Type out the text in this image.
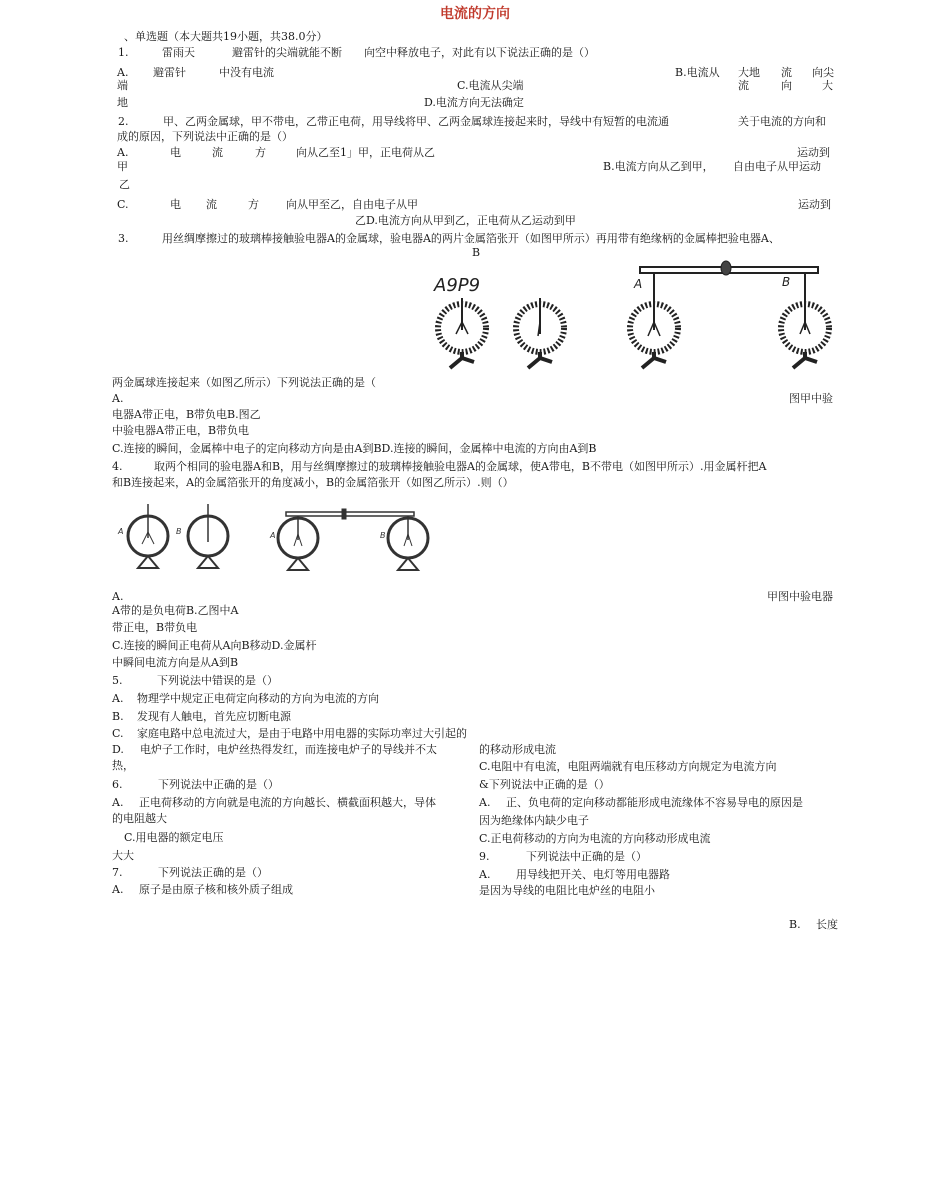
电流的方向
、单选题（本大题共19小题，共38.0分）
1.	雷雨天	避雷针的尖端就能不断 向空中释放电子，对此有以下说法正确的是（）
A. 避雷针	中没有电流	B.电流从 大地 流 向尖
端	C.电流从尖端	流	向	大
地	D.电流方向无法确定
2.	甲、乙两金属球，甲不带电，乙带正电荷，用导线将甲、乙两金属球连接起来时，导线中有短暂的电流通	关于电流的方向和
成的原因，下列说法中正确的是（）
A.	电	流	方	向从乙至1」甲，正电荷从乙	运动到
甲	B.电流方向从乙到甲， 自由电子从甲运动
乙
C.	电 流	方 向从甲至乙，自由电子从甲	运动到
乙D.电流方向从甲到乙，正电荷从乙运动到甲
3.	用丝绸摩擦过的玻璃棒接触验电器A的金属球，验电器A的两片金属箔张开（如图甲所示）再用带有绝缘柄的金属棒把验电器A、
B
A9P9	A	B
两金属球连接起来（如图乙所示）下列说法正确的是（
A.	图甲中验
电器A带正电，B带负电B.图乙
中验电器A带正电，B带负电
C.连接的瞬间，金属棒中电子的定向移动方向是由A到BD.连接的瞬间，金属棒中电流的方向由A到B
4.	取两个相同的验电器A和B，用与丝绸摩擦过的玻璃棒接触验电器A的金属球，使A带电，B不带电（如图甲所示）.用金属杆把A
和B连接起来，A的金属箔张开的角度减小，B的金属箔张开（如图乙所示）.则（）
A	B	A	B
A.	甲图中验电器
A带的是负电荷B.乙图中A
带正电，B带负电
C.连接的瞬间正电荷从A向B移动D.金属杆
中瞬间电流方向是从A到B
5.	下列说法中错误的是（）
A. 物理学中规定正电荷定向移动的方向为电流的方向
B. 发现有人触电，首先应切断电源
C. 家庭电路中总电流过大，是由于电路中用电器的实际功率过大引起的
D. 电炉子工作时，电炉丝热得发红，而连接电炉子的导线并不太	的移动形成电流
热，	C.电阻中有电流，电阻两端就有电压移动方向规定为电流方向
6.	下列说法中正确的是（）	&下列说法中正确的是（）
A. 正电荷移动的方向就是电流的方向越长、横截面积越大，导体	A. 正、负电荷的定向移动都能形成电流缘体不容易导电的原因是
的电阻越大	因为绝缘体内缺少电子
C.用电器的额定电压	C.正电荷移动的方向为电流的方向移动形成电流
大大	9.	下列说法中正确的是（）
7.	下列说法正确的是（）	A. 用导线把开关、电灯等用电器路
A. 原子是由原子核和核外质子组成	是因为导线的电阻比电炉丝的电阻小
B. 长度
